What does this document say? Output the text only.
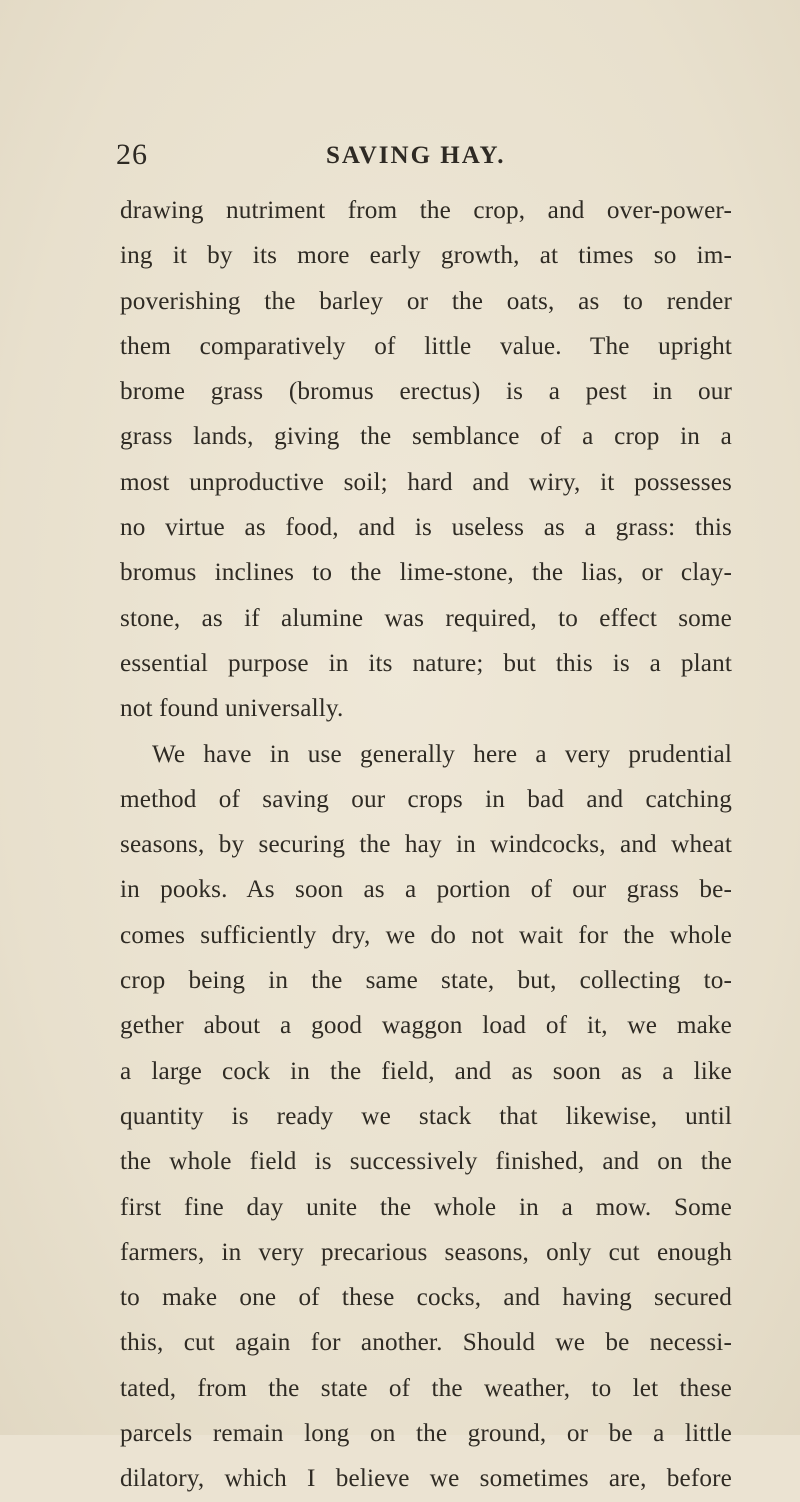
26	SAVING HAY.
drawing nutriment from the crop, and over-power-
ing it by its more early growth, at times so im-
poverishing the barley or the oats, as to render
them comparatively of little value. The upright
brome grass (bromus erectus) is a pest in our
grass lands, giving the semblance of a crop in a
most unproductive soil; hard and wiry, it possesses
no virtue as food, and is useless as a grass: this
bromus inclines to the lime-stone, the lias, or clay-
stone, as if alumine was required, to effect some
essential purpose in its nature; but this is a plant
not found universally.
We have in use generally here a very prudential
method of saving our crops in bad and catching
seasons, by securing the hay in windcocks, and wheat
in pooks. As soon as a portion of our grass be-
comes sufficiently dry, we do not wait for the whole
crop being in the same state, but, collecting to-
gether about a good waggon load of it, we make
a large cock in the field, and as soon as a like
quantity is ready we stack that likewise, until
the whole field is successively finished, and on the
first fine day unite the whole in a mow. Some
farmers, in very precarious seasons, only cut enough
to make one of these cocks, and having secured
this, cut again for another. Should we be necessi-
tated, from the state of the weather, to let these
parcels remain long on the ground, or be a little
dilatory, which I believe we sometimes are, before
